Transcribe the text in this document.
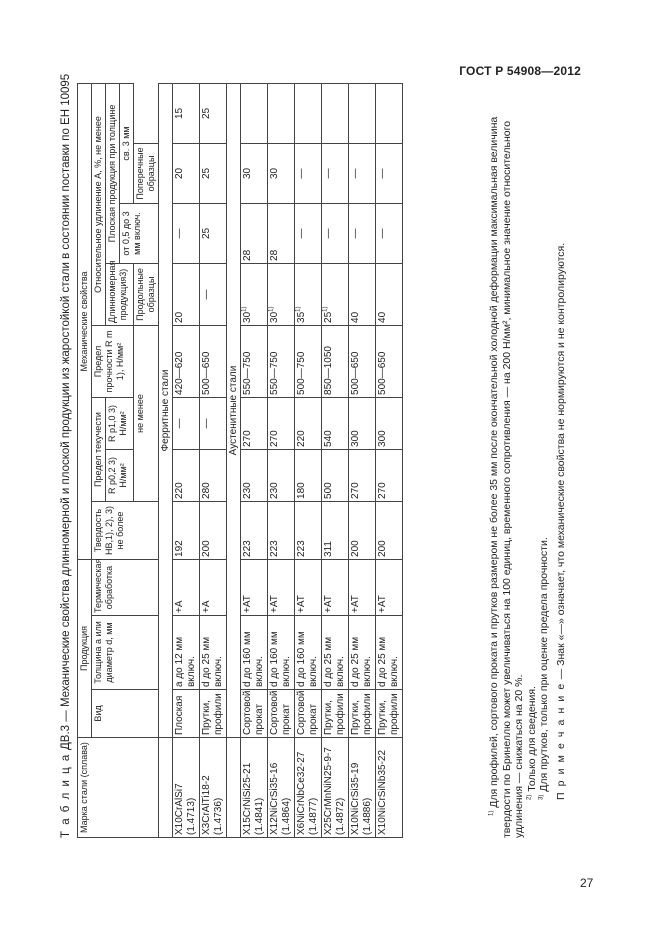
ГОСТ Р 54908—2012
27
Т а б л и ц а ДВ.3 — Механические свойства длинномерной и плоской продукции из жаростойкой стали в состоянии поставки по ЕН 10095
Марка стали (сплава)	Продукция			Механические свойства							
	Вид	Толщина а или диаметр d, мм	Термическая обработка	Твердость HB,1), 2), 3) не более	Предел текучести		Предел прочности R m 1), H/мм²	Относительное удлинение А, %, не менее			
					R p0,2 3) H/мм²	R p1,0 3) H/мм²		Длинномерная продукция3)	Плоская продукция при толщине		
									от 0,5 до 3 мм включ.	св. 3 мм	
					не менее			Продольные образцы		Поперечные образцы	
	Ферритные стали										
X10CrAlSi7
(1.4713)	Плоская	a до 12 мм включ.	+A	192	220	—	420—620	20	—	20	15
X3CrAlTi18-2
(1.4736)	Прутки, профили	d до 25 мм включ.	+A	200	280	—	500—650	—	25	25	25
	Аустенитные стали										
X15CrNiSi25-21
(1.4841)	Сортовой прокат	d до 160 мм включ.	+AT	223	230	270	550—750	30$^{1)}$	28	30	
X12NiCrSi35-16
(1.4864)	Сортовой прокат	d до 160 мм включ.	+AT	223	230	270	550—750	30$^{1)}$	28	30	
X6NiCrNbCe32-27
(1.4877)	Сортовой прокат	d до 160 мм включ.	+AT	223	180	220	500—750	35$^{1)}$	—	—	
X25CrMnNiN25-9-7
(1.4872)	Прутки, профили	d до 25 мм включ.	+AT	311	500	540	850—1050	25$^{1)}$	—	—	
X10NiCrSi35-19
(1.4886)	Прутки, профили	d до 25 мм включ.	+AT	200	270	300	500—650	40	—	—	
X10NiCrSiNb35-22	Прутки, профили	d до 25 мм включ.	+AT	200	270	300	500—650	40	—	—	

$^{1)}$ Для профилей, сортового проката и прутков размером не более 35 мм после окончательной холодной деформации максимальная величина твердости по Бринеллю может увеличиваться на 100 единиц, временного сопротивления — на 200 Н/мм², минимальное значение относительного удлинения — снижаться на 20 %. $^{2)}$ Только для сведения.

$^{3)}$ Для прутков, только при оценке предела прочности. П р и м е ч а н и е — Знак «—» означает, что механические свойства не нормируются и не контролируются.
